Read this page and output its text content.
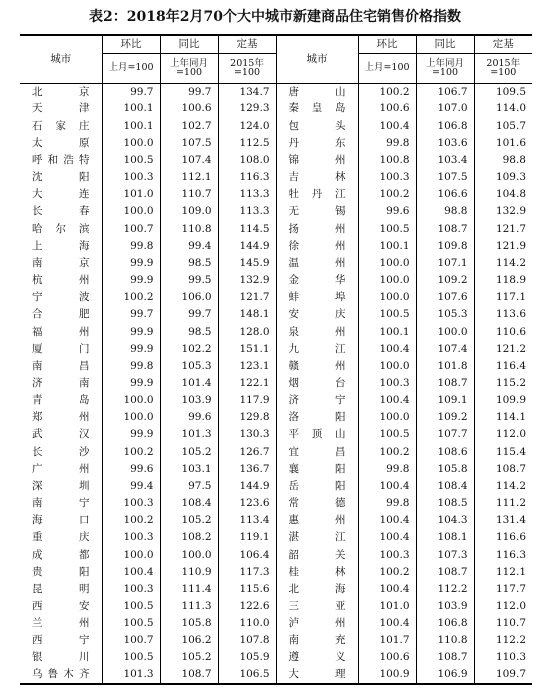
表2：2018年2月70个大中城市新建商品住宅销售价格指数
城市	环比	同比	定基	城市	环比	同比	定基
	上月=100	上年同月=100	2015年=100		上月=100	上年同月=100	2015年=100
北京	99.7	99.7	134.7	唐山	100.2	106.7	109.5
天津	100.1	100.6	129.3	秦皇岛	100.6	107.0	114.0
石家庄	100.1	102.7	124.0	包头	100.4	106.8	105.7
太原	100.0	107.5	112.5	丹东	99.8	103.6	101.6
呼和浩特	100.5	107.4	108.0	锦州	100.8	103.4	98.8
沈阳	100.3	112.1	116.3	吉林	100.3	107.5	109.3
大连	101.0	110.7	113.3	牡丹江	100.2	106.6	104.8
长春	100.0	109.0	113.3	无锡	99.6	98.8	132.9
哈尔滨	100.7	110.8	114.5	扬州	100.5	108.7	121.7
上海	99.8	99.4	144.9	徐州	100.1	109.8	121.9
南京	99.9	98.5	145.9	温州	100.0	107.1	114.2
杭州	99.9	99.5	132.9	金华	100.0	109.2	118.9
宁波	100.2	106.0	121.7	蚌埠	100.0	107.6	117.1
合肥	99.7	99.7	148.1	安庆	100.5	105.3	113.6
福州	99.9	98.5	128.0	泉州	100.1	100.0	110.6
厦门	99.9	102.2	151.1	九江	100.4	107.4	121.2
南昌	99.8	105.3	123.1	赣州	100.0	101.8	116.4
济南	99.9	101.4	122.1	烟台	100.3	108.7	115.2
青岛	100.0	103.9	117.9	济宁	100.4	109.1	109.9
郑州	100.0	99.6	129.8	洛阳	100.0	109.2	114.1
武汉	99.9	101.3	130.3	平顶山	100.5	107.7	112.0
长沙	100.2	105.2	126.7	宜昌	100.2	108.6	115.4
广州	99.6	103.1	136.7	襄阳	99.8	105.8	108.7
深圳	99.4	97.5	144.9	岳阳	100.4	108.4	114.2
南宁	100.3	108.4	123.6	常德	99.8	108.5	111.2
海口	100.2	105.2	113.4	惠州	100.4	104.3	131.4
重庆	100.3	108.2	119.1	湛江	100.4	108.1	116.6
成都	100.0	100.0	106.4	韶关	100.3	107.3	116.3
贵阳	100.4	110.9	117.3	桂林	100.2	108.7	112.1
昆明	100.3	111.4	115.6	北海	100.4	112.2	117.7
西安	100.5	111.3	122.6	三亚	101.0	103.9	112.0
兰州	100.5	105.8	110.0	泸州	100.4	106.8	110.7
西宁	100.7	106.2	107.8	南充	101.7	110.8	112.2
银川	100.5	105.2	105.9	遵义	100.6	108.7	110.3
乌鲁木齐	101.3	108.7	106.5	大理	100.9	106.9	109.7
